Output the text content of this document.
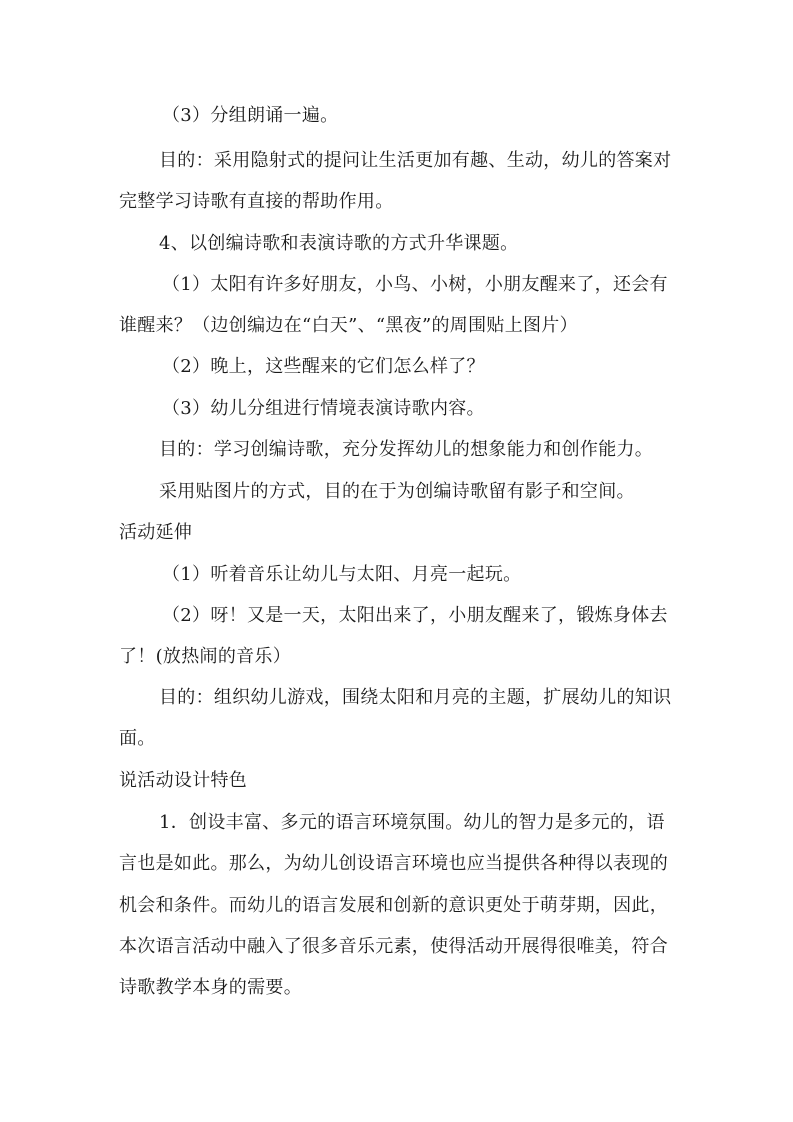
（3）分组朗诵一遍。
目的：采用隐射式的提问让生活更加有趣、生动，幼儿的答案对
完整学习诗歌有直接的帮助作用。
4、以创编诗歌和表演诗歌的方式升华课题。
（1）太阳有许多好朋友，小鸟、小树，小朋友醒来了，还会有
谁醒来？（边创编边在“白天”、“黑夜”的周围贴上图片）
（2）晚上，这些醒来的它们怎么样了？
（3）幼儿分组进行情境表演诗歌内容。
目的：学习创编诗歌，充分发挥幼儿的想象能力和创作能力。
采用贴图片的方式，目的在于为创编诗歌留有影子和空间。
活动延伸
（1）听着音乐让幼儿与太阳、月亮一起玩。
（2）呀！又是一天，太阳出来了，小朋友醒来了，锻炼身体去
了！(放热闹的音乐）
目的：组织幼儿游戏，围绕太阳和月亮的主题，扩展幼儿的知识
面。
说活动设计特色
1．创设丰富、多元的语言环境氛围。幼儿的智力是多元的，语
言也是如此。那么，为幼儿创设语言环境也应当提供各种得以表现的
机会和条件。而幼儿的语言发展和创新的意识更处于萌芽期，因此，
本次语言活动中融入了很多音乐元素，使得活动开展得很唯美，符合
诗歌教学本身的需要。
